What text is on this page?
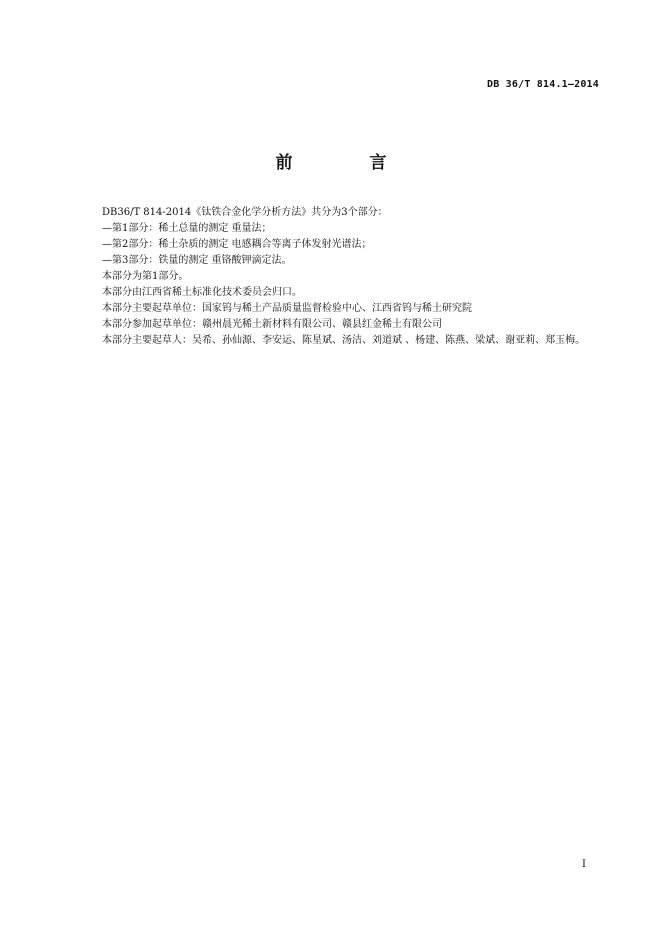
DB 36/T 814.1—2014
前　言

DB36/T 814-2014《钛铁合金化学分析方法》共分为3个部分：

—第1部分：稀土总量的测定 重量法；

—第2部分：稀土杂质的测定 电感耦合等离子体发射光谱法；

—第3部分：铁量的测定 重铬酸钾滴定法。

本部分为第1部分。

本部分由江西省稀土标准化技术委员会归口。

本部分主要起草单位：国家钨与稀土产品质量监督检验中心、江西省钨与稀土研究院

本部分参加起草单位：赣州晨光稀土新材料有限公司、赣县红金稀土有限公司

本部分主要起草人：吴希、孙仙源、李安运、陈星斌、汤洁、刘道斌 、杨建、陈燕、梁斌、谢亚莉、郑玉梅。

I
